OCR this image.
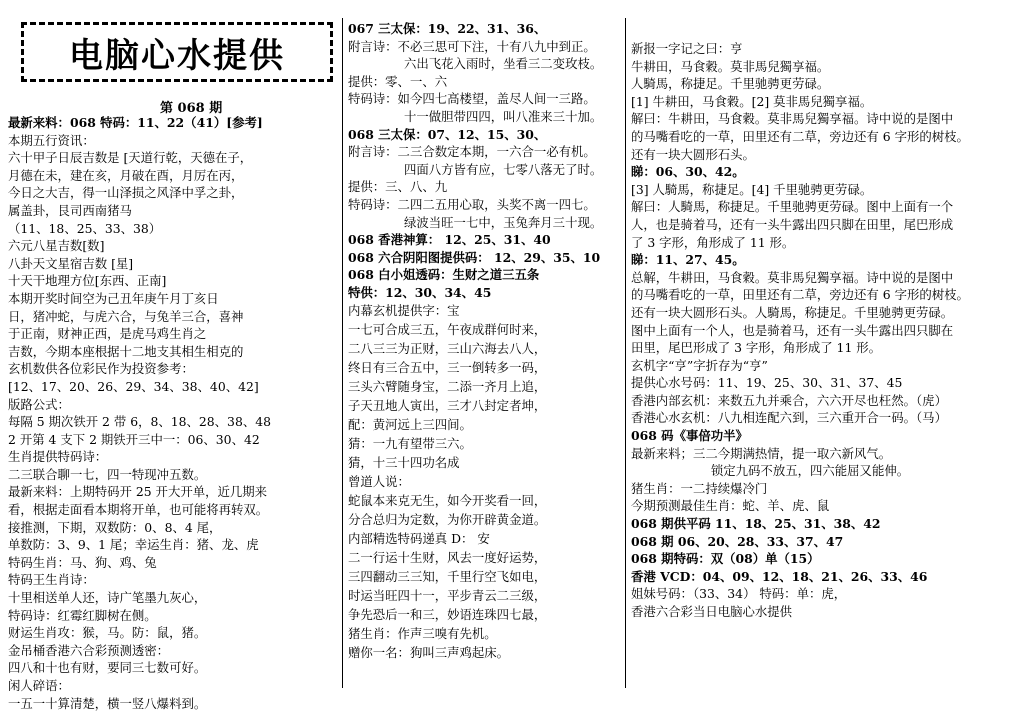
电脑心水提供
第 068 期
最新来料：068 特码：11、22（41）[参考]
本期五行资讯：
六十甲子日辰吉数是 [天道行乾，天德在子，
月德在未，建在亥，月破在酉，月厉在丙，
今日之大吉，得一山泽损之风泽中孚之卦，
属盖卦，艮司西南猪马
（11、18、25、33、38）
六元八星吉数[数]
八卦天文星宿吉数 [星]
十天干地理方位[东西、正南]
本期开奖时间空为己丑年庚午月丁亥日
日，猪冲蛇，与虎六合，与兔羊三合，喜神
于正南，财神正西，是虎马鸡生肖之
吉数，今期本座根据十二地支其相生相克的
玄机数供各位彩民作为投资参考：
[12、17、20、26、29、34、38、40、42]
版路公式：
每隔 5 期次铁开 2 带 6，8、18、28、38、48
2 开第 4 支下 2 期铁开三中一：06、30、42
生肖提供特码诗：
二三联合聊一七，四一特现冲五数。
最新来料：上期特码开 25 开大开单，近几期来
看，根据走面看本期将开单，也可能将再转双。
接推测，下期，双数防：0、8、4 尾，
单数防：3、9、1 尾；幸运生肖：猪、龙、虎
特码生肖：马、狗、鸡、兔
特码王生肖诗：
十里相送单人还，诗广笔墨九灰心，
特码诗：红霉红脚树在侧。
财运生肖攻：猴，马。防：鼠，猪。
金吊桶香港六合彩预测透密：
四八和十也有财，要同三七数可好。
闲人碎语：
一五一十算清楚，横一竖八爆料到。
067 三太保：19、22、31、36、
附言诗：不必三思可下注，十有八九中到正。
六出飞花入雨时，坐看三二变玫枝。
提供：零、一、六
特码诗：如今四七高楼望，盖尽人间一三路。
十一做胆带四四，叫八准来三十加。
068 三太保：07、12、15、30、
附言诗：二三合数定本期，一六合一必有机。
四面八方皆有应，七零八落无了时。
提供：三、八、九
特码诗：二四二五用心取，头奖不离一四七。
绿波当旺一七中，玉兔奔月三十现。
068 香港神算： 12、25、31、40
068 六合阴阳图提供码： 12、29、35、10
068 白小姐透码：生财之道三五条
特供：12、30、34、45
内幕玄机提供字：宝
一七可合成三五，午夜成群何时来，
二八三三为正财，三山六海去八人，
终日有三合五中，三一倒转多一码，
三头六臂随身宝，二添一齐月上追，
子天丑地人寅出，三才八封定者坤，
配：黄河远上三四间。
猜：一九有望带三六。
猜，十三十四功名成
曾道人说：
蛇鼠本来克无生，如今开奖看一回，
分合总归为定数，为你开辟黄金道。
内部精选特码递真 D： 安
二一行运十生财，风去一度好运势，
三四翻动三三知，千里行空飞如电，
时运当旺四十一，平步青云二三级，
争先恐后一和三，妙语连珠四七最，
猪生肖：作声三嗅有先机。
赠你一名：狗叫三声鸡起床。
新报一字记之曰：亨
牛耕田，马食穀。莫非馬兒獨享福。
人騎馬，称捷足。千里驰骋更劳碌。
[1] 牛耕田，马食穀。[2] 莫非馬兒獨享福。
解曰：牛耕田，马食穀。莫非馬兒獨享福。诗中说的是图中
的马嘴看吃的一草，田里还有二草，旁边还有 6 字形的树枝。
还有一块大圆形石头。
睇：06、30、42。
[3] 人騎馬，称捷足。[4] 千里驰骋更劳碌。
解曰：人騎馬，称捷足。千里驰骋更劳碌。图中上面有一个
人，也是骑着马，还有一头牛露出四只脚在田里，尾巴形成
了 3 字形，角形成了 11 形。
睇：11、27、45。
总解，牛耕田，马食穀。莫非馬兒獨享福。诗中说的是图中
的马嘴看吃的一草，田里还有二草，旁边还有 6 字形的树枝。
还有一块大圆形石头。人騎馬，称捷足。千里驰骋更劳碌。
图中上面有一个人，也是骑着马，还有一头牛露出四只脚在
田里，尾巴形成了 3 字形，角形成了 11 形。
玄机字“亨”字折存为“亨”
提供心水号码：11、19、25、30、31、37、45
香港内部玄机：来数五九并乘合，六六开尽也枉然。（虎）
香港心水玄机：八九相连配六到，三六重开合一码。（马）
068 码《事倍功半》
最新来料；三二今期满热情，提一取六新风气。
锁定九码不放五，四六能屈又能伸。
猪生肖：一二持续爆冷门
今期预测最佳生肖：蛇、羊、虎、鼠
068 期供平码 11、18、25、31、38、42
068 期 06、20、28、33、37、47
068 期特码：双（08）单（15）
香港 VCD：04、09、12、18、21、26、33、46
姐妹号码：（33、34） 特码：单：虎，
香港六合彩当日电脑心水提供
